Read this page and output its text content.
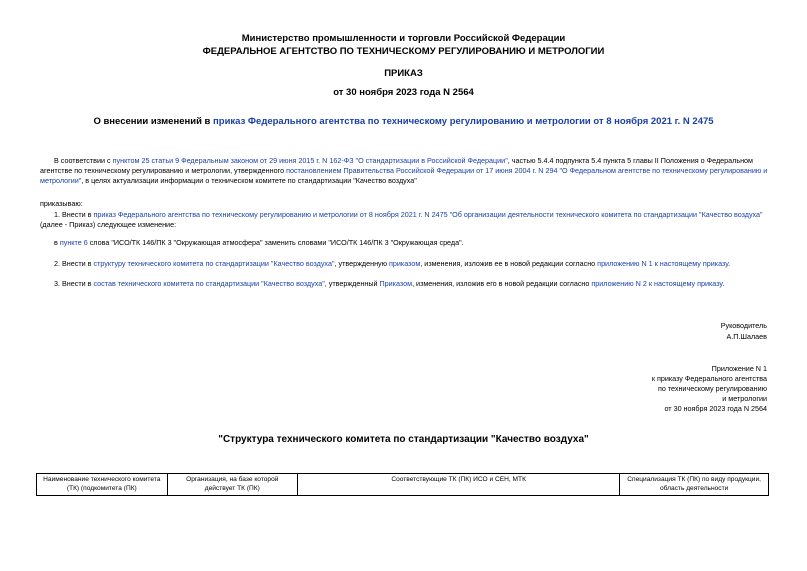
Министерство промышленности и торговли Российской Федерации
ФЕДЕРАЛЬНОЕ АГЕНТСТВО ПО ТЕХНИЧЕСКОМУ РЕГУЛИРОВАНИЮ И МЕТРОЛОГИИ
ПРИКАЗ
от 30 ноября 2023 года N 2564
О внесении изменений в приказ Федерального агентства по техническому регулированию и метрологии от 8 ноября 2021 г. N 2475
В соответствии с пунктом 25 статьи 9 Федеральным законом от 29 июня 2015 г. N 162-ФЗ "О стандартизации в Российской Федерации", частью 5.4.4 подпункта 5.4 пункта 5 главы II Положения о Федеральном агентстве по техническому регулированию и метрологии, утвержденного постановлением Правительства Российской Федерации от 17 июня 2004 г. N 294 "О Федеральном агентстве по техническому регулированию и метрологии", в целях актуализации информации о техническом комитете по стандартизации "Качество воздуха"
приказываю:
1. Внести в приказ Федерального агентства по техническому регулированию и метрологии от 8 ноября 2021 г. N 2475 "Об организации деятельности технического комитета по стандартизации "Качество воздуха" (далее - Приказ) следующее изменение:
в пункте 6 слова "ИСО/ТК 146/ПК 3 "Окружающая атмосфера" заменить словами "ИСО/ТК 146/ПК 3 "Окружающая среда".
2. Внести в структуру технического комитета по стандартизации "Качество воздуха", утвержденную приказом, изменения, изложив ее в новой редакции согласно приложению N 1 к настоящему приказу.
3. Внести в состав технического комитета по стандартизации "Качество воздуха", утвержденный Приказом, изменения, изложив его в новой редакции согласно приложению N 2 к настоящему приказу.
Руководитель
А.П.Шалаев
Приложение N 1
к приказу Федерального агентства
по техническому регулированию
и метрологии
от 30 ноября 2023 года N 2564
"Структура технического комитета по стандартизации "Качество воздуха"
Наименование технического комитета (ТК) (подкомитета (ПК)	Организация, на базе которой действует ТК (ПК)	Соответствующие ТК (ПК) ИСО и СЕН, МТК	Специализация ТК (ПК) по виду продукции, область деятельности
